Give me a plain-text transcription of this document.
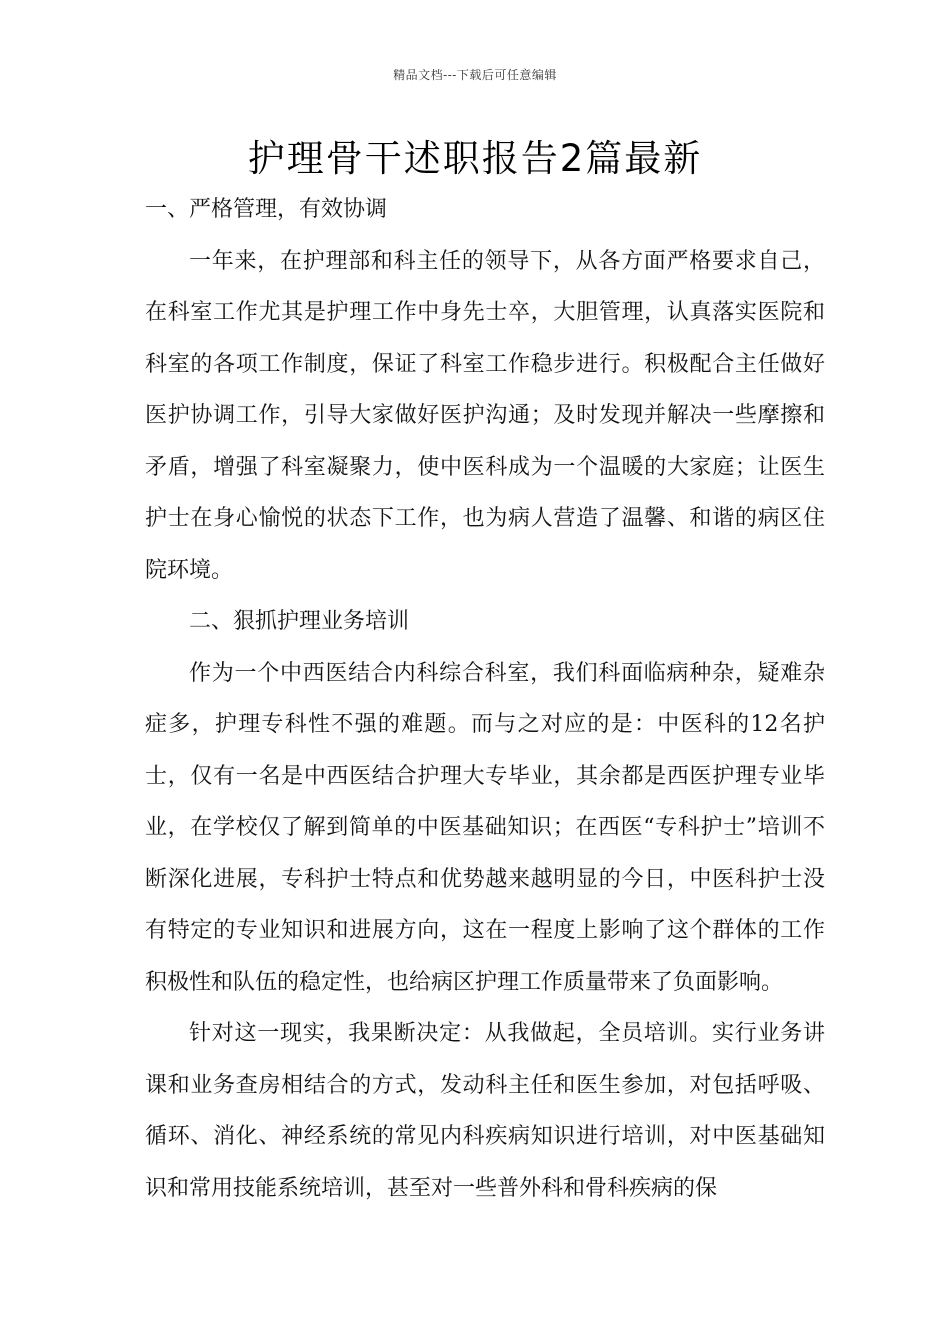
精品文档---下载后可任意编辑
护理骨干述职报告2篇最新

一、严格管理，有效协调

一年来，在护理部和科主任的领导下，从各方面严格要求自己，在科室工作尤其是护理工作中身先士卒，大胆管理，认真落实医院和科室的各项工作制度，保证了科室工作稳步进行。积极配合主任做好医护协调工作，引导大家做好医护沟通；及时发现并解决一些摩擦和矛盾，增强了科室凝聚力，使中医科成为一个温暖的大家庭；让医生护士在身心愉悦的状态下工作，也为病人营造了温馨、和谐的病区住院环境。

二、狠抓护理业务培训

作为一个中西医结合内科综合科室，我们科面临病种杂，疑难杂症多，护理专科性不强的难题。而与之对应的是：中医科的12名护士，仅有一名是中西医结合护理大专毕业，其余都是西医护理专业毕业，在学校仅了解到简单的中医基础知识；在西医“专科护士”培训不断深化进展，专科护士特点和优势越来越明显的今日，中医科护士没有特定的专业知识和进展方向，这在一程度上影响了这个群体的工作积极性和队伍的稳定性，也给病区护理工作质量带来了负面影响。

针对这一现实，我果断决定：从我做起，全员培训。实行业务讲课和业务查房相结合的方式，发动科主任和医生参加，对包括呼吸、循环、消化、神经系统的常见内科疾病知识进行培训，对中医基础知识和常用技能系统培训，甚至对一些普外科和骨科疾病的保
